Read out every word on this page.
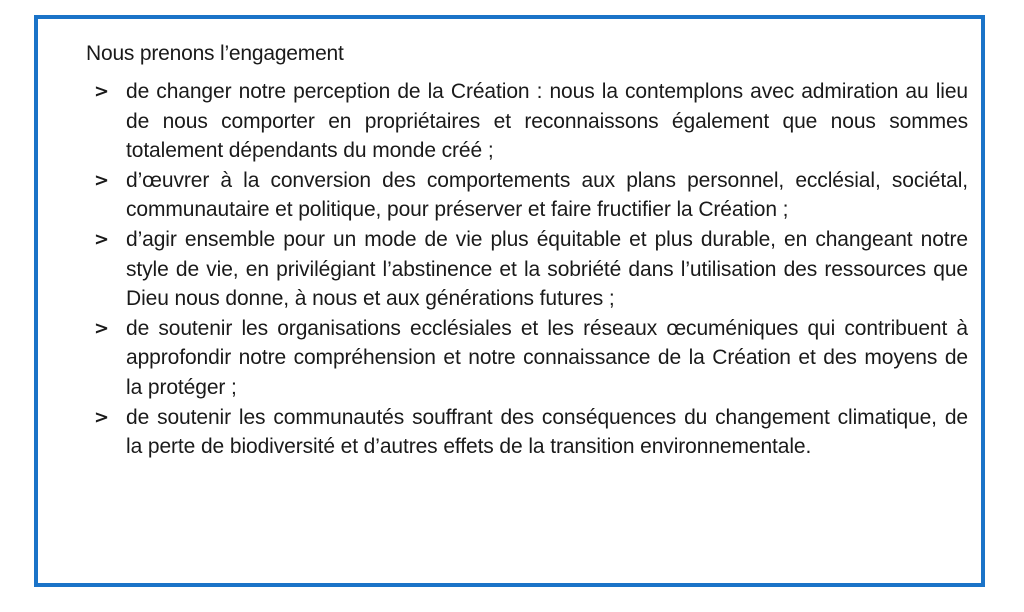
Nous prenons l’engagement
> de changer notre perception de la Création : nous la contemplons avec admiration au lieu de nous comporter en propriétaires et reconnaissons également que nous sommes totalement dépendants du monde créé ;
> d’œuvrer à la conversion des comportements aux plans personnel, ecclésial, sociétal, communautaire et politique, pour préserver et faire fructifier la Création ;
> d’agir ensemble pour un mode de vie plus équitable et plus durable, en changeant notre style de vie, en privilégiant l’abstinence et la sobriété dans l’utilisation des ressources que Dieu nous donne, à nous et aux générations futures ;
> de soutenir les organisations ecclésiales et les réseaux œcuméniques qui contribuent à approfondir notre compréhension et notre connaissance de la Création et des moyens de la protéger ;
> de soutenir les communautés souffrant des conséquences du changement climatique, de la perte de biodiversité et d’autres effets de la transition environnementale.
